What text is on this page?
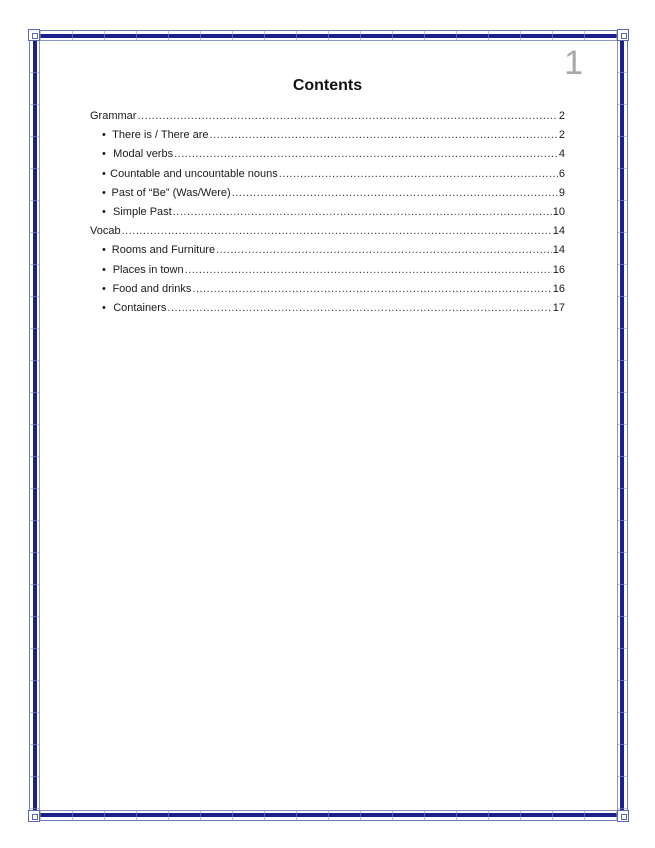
1
Contents
Grammar .....	2
• There is / There are .....	2
• Modal verbs .....	4
• Countable and uncountable nouns .....	6
• Past of “Be” (Was/Were) .....	9
• Simple Past .....	10
Vocab .....	14
• Rooms and Furniture .....	14
• Places in town .....	16
• Food and drinks .....	16
• Containers .....	17
